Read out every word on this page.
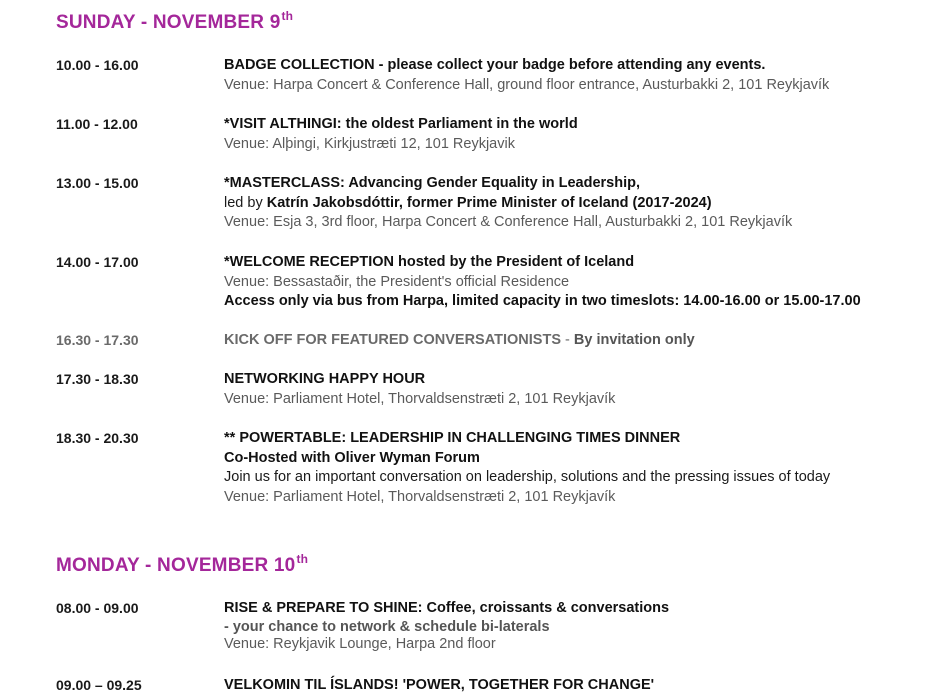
SUNDAY - NOVEMBER 9th
10.00 - 16.00	BADGE COLLECTION - please collect your badge before attending any events.
Venue: Harpa Concert & Conference Hall, ground floor entrance, Austurbakki 2, 101 Reykjavík
11.00 - 12.00	*VISIT ALTHINGI: the oldest Parliament in the world
Venue: Alþingi, Kirkjustræti 12, 101 Reykjavik
13.00 - 15.00	*MASTERCLASS: Advancing Gender Equality in Leadership,
led by Katrín Jakobsdóttir, former Prime Minister of Iceland (2017-2024)
Venue: Esja 3, 3rd floor, Harpa Concert & Conference Hall, Austurbakki 2, 101 Reykjavík
14.00 - 17.00	*WELCOME RECEPTION hosted by the President of Iceland
Venue: Bessastaðir, the President's official Residence
Access only via bus from Harpa, limited capacity in two timeslots: 14.00-16.00 or 15.00-17.00
16.30 - 17.30	KICK OFF FOR FEATURED CONVERSATIONISTS - By invitation only
17.30 - 18.30	NETWORKING HAPPY HOUR
Venue: Parliament Hotel, Thorvaldsenstræti 2, 101 Reykjavík
18.30 - 20.30	** POWERTABLE: LEADERSHIP IN CHALLENGING TIMES DINNER
Co-Hosted with Oliver Wyman Forum
Join us for an important conversation on leadership, solutions and the pressing issues of today
Venue: Parliament Hotel, Thorvaldsenstræti 2, 101 Reykjavík
MONDAY - NOVEMBER 10th
08.00 - 09.00	RISE & PREPARE TO SHINE: Coffee, croissants & conversations
- your chance to network & schedule bi-laterals
Venue: Reykjavik Lounge, Harpa 2nd floor
09.00 – 09.25	VELKOMIN TIL ÍSLANDS! 'POWER, TOGETHER FOR CHANGE'
